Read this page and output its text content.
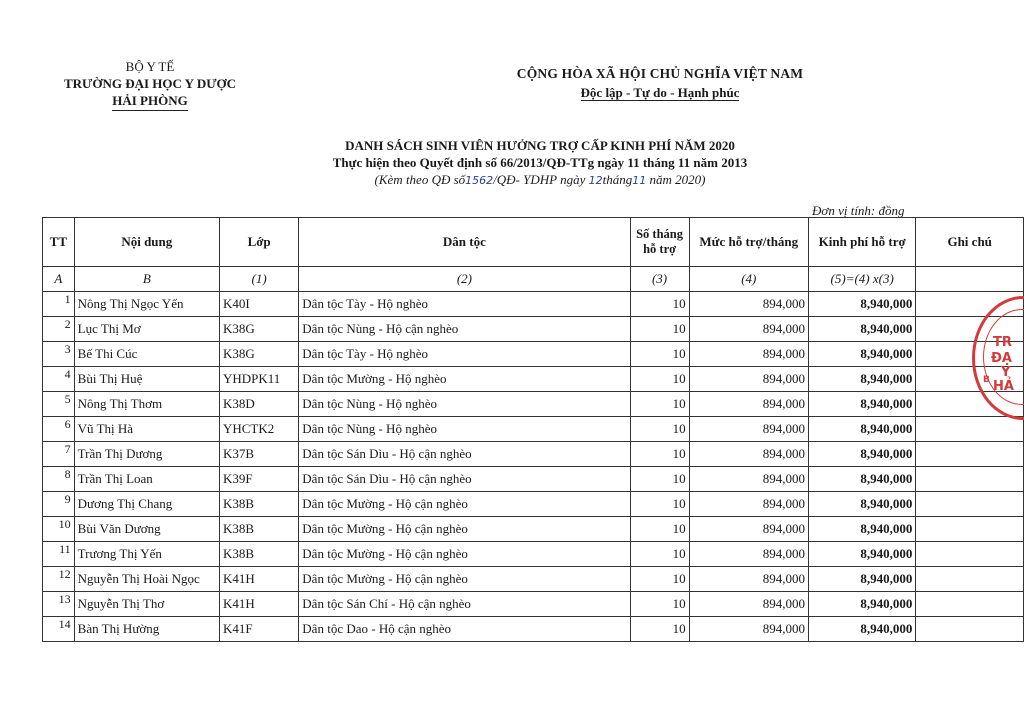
BỘ Y TẾ
TRƯỜNG ĐẠI HỌC Y DƯỢC
HẢI PHÒNG
CỘNG HÒA XÃ HỘI CHỦ NGHĨA VIỆT NAM
Độc lập - Tự do - Hạnh phúc
DANH SÁCH SINH VIÊN HƯỞNG TRỢ CẤP KINH PHÍ NĂM 2020
Thực hiện theo Quyết định số 66/2013/QĐ-TTg ngày 11 tháng 11 năm 2013
(Kèm theo QĐ số1562/QĐ- YDHP ngày 12tháng11 năm 2020)
Đơn vị tính: đồng
TT	Nội dung	Lớp	Dân tộc	Số tháng hỗ trợ	Mức hỗ trợ/tháng	Kinh phí hỗ trợ	Ghi chú
A	B	(1)	(2)	(3)	(4)	(5)=(4) x(3)	
1	Nông Thị Ngọc Yến	K40I	Dân tộc Tày - Hộ nghèo	10	894,000	8,940,000	
2	Lục Thị Mơ	K38G	Dân tộc Nùng - Hộ cận nghèo	10	894,000	8,940,000	
3	Bế Thi Cúc	K38G	Dân tộc Tày - Hộ nghèo	10	894,000	8,940,000	
4	Bùi Thị Huệ	YHDPK11	Dân tộc Mường - Hộ nghèo	10	894,000	8,940,000	
5	Nông Thị Thơm	K38D	Dân tộc Nùng - Hộ nghèo	10	894,000	8,940,000	
6	Vũ Thị Hà	YHCTK2	Dân tộc Nùng - Hộ nghèo	10	894,000	8,940,000	
7	Trần Thị Dương	K37B	Dân tộc Sán Dìu - Hộ cận nghèo	10	894,000	8,940,000	
8	Trần Thị Loan	K39F	Dân tộc Sán Dìu - Hộ cận nghèo	10	894,000	8,940,000	
9	Dương Thị Chang	K38B	Dân tộc Mường - Hộ cận nghèo	10	894,000	8,940,000	
10	Bùi Văn Dương	K38B	Dân tộc Mường - Hộ cận nghèo	10	894,000	8,940,000	
11	Trương Thị Yến	K38B	Dân tộc Mường - Hộ cận nghèo	10	894,000	8,940,000	
12	Nguyễn Thị Hoài Ngọc	K41H	Dân tộc Mường - Hộ cận nghèo	10	894,000	8,940,000	
13	Nguyễn Thị Thơ	K41H	Dân tộc Sán Chí - Hộ cận nghèo	10	894,000	8,940,000	
14	Bàn Thị Hường	K41F	Dân tộc Dao - Hộ cận nghèo	10	894,000	8,940,000	
TR
ĐẠ
Y
HẢ
B
